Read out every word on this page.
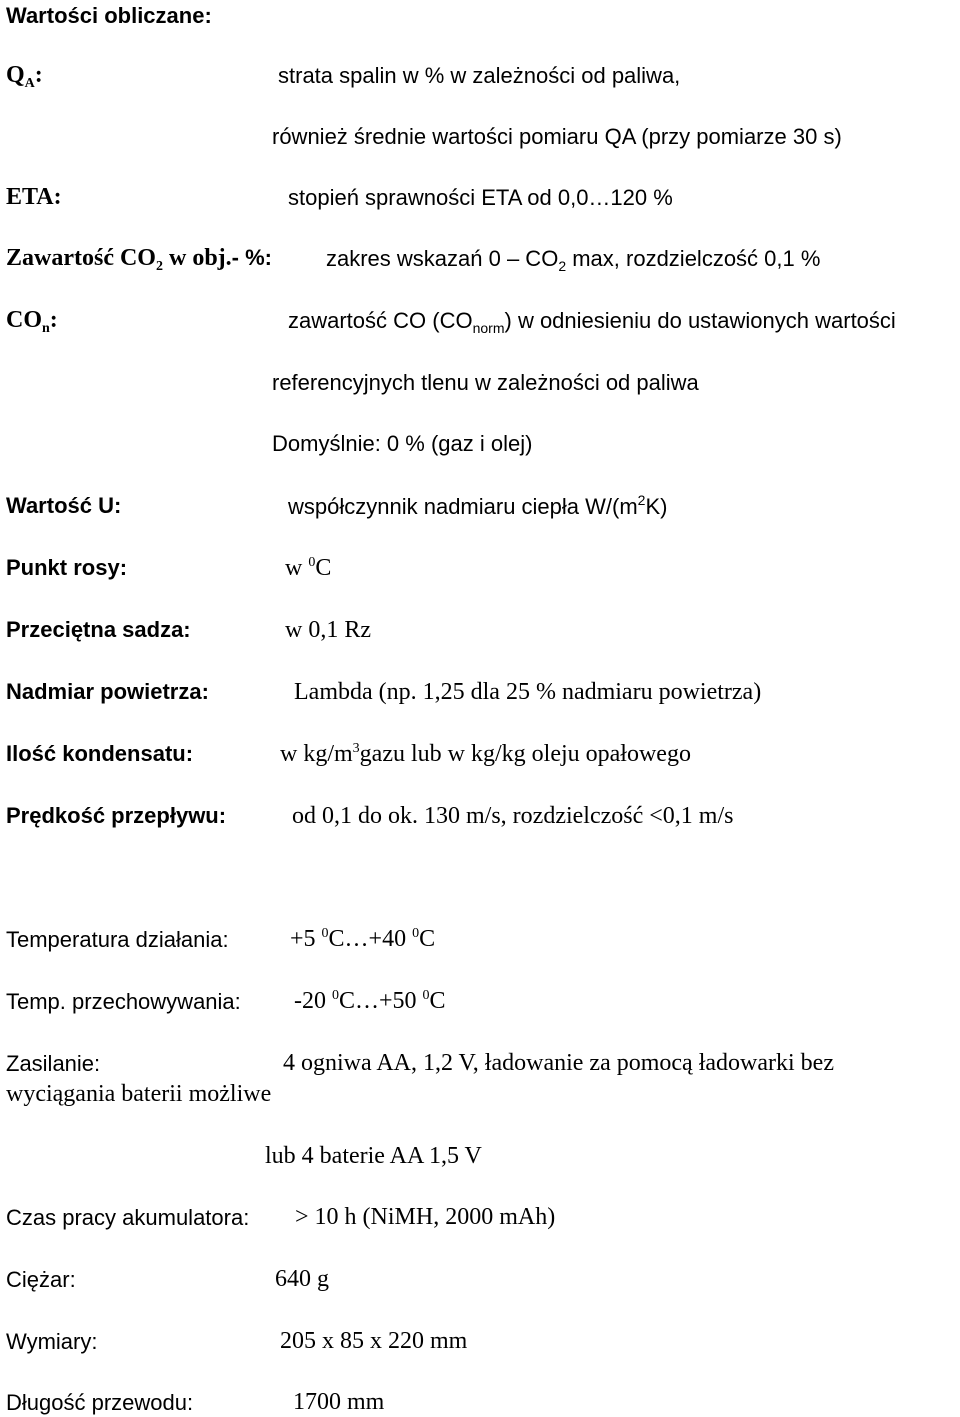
Wartości obliczane:
$Q_A$:	strata spalin w % w zależności od paliwa,
również średnie wartości pomiaru QA (przy pomiarze 30 s)
ETA:	stopień sprawności ETA od 0,0…120 %
Zawartość $CO_2$ w obj.- %: zakres wskazań $0 - CO_2$ max, rozdzielczość 0,1 %
$CO_n$:	zawartość CO $(CO_{norm})$ w odniesieniu do ustawionych wartości
referencyjnych tlenu w zależności od paliwa
Domyślnie: 0 % (gaz i olej)
Wartość U:	współczynnik nadmiaru ciepła $W/(m^2K)$
Punkt rosy:	w $^0$C
Przeciętna sadza:	w 0,1 Rz
Nadmiar powietrza:	Lambda (np. 1,25 dla 25 % nadmiaru powietrza)
Ilość kondensatu:	w $kg/m^3gazu$ lub w kg/kg oleju opałowego
Prędkość przepływu:	od 0,1 do ok. 130 m/s, rozdzielczość <0,1 m/s
Temperatura działania:	+5 $^0$C…+40 $^0$C
Temp. przechowywania: -20 $^0$C…+50 $^0$C
Zasilanie:	4 ogniwa AA, 1,2 V, ładowanie za pomocą ładowarki bez
wyciągania baterii możliwe
lub 4 baterie AA 1,5 V
Czas pracy akumulatora: > 10 h (NiMH, 2000 mAh)
Ciężar:	640 g
Wymiary:	205 x 85 x 220 mm
Długość przewodu:	1700 mm
